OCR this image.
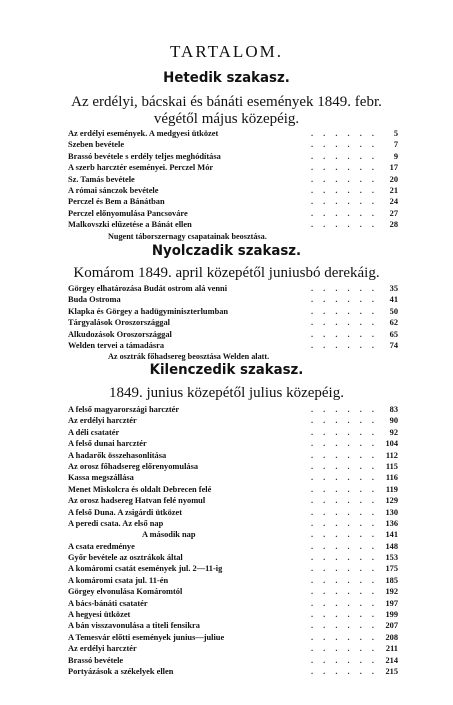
TARTALOM.
Hetedik szakasz.
Az erdélyi, bácskai és bánáti események 1849. febr.
végétől május közepéig.
Az erdélyi események. A medgyesi ütközet	. . . . . .	5
Szeben bevétele	. . . . . .	7
Brassó bevétele s erdély teljes meghódítása	. . . . . .	9
A szerb harcztér eseményei. Perczel Mór	. . . . . .	17
Sz. Tamás bevétele	. . . . . .	20
A római sánczok bevétele	. . . . . .	21
Perczel és Bem a Bánátban	. . . . . .	24
Perczel előnyomulása Pancsováre	. . . . . .	27
Malkovszki elűzetése a Bánát ellen	. . . . . .	28
Nugent táborszernagy csapatainak beosztása.
Nyolczadik szakasz.
Komárom 1849. april közepétől juniusbó derekáig.
Görgey elhatározása Budát ostrom alá venni	. . . . . .	35
Buda Ostroma	. . . . . .	41
Klapka és Görgey a hadügyminiszterlumban	. . . . . .	50
Tárgyalások Oroszországgal	. . . . . .	62
Alkudozások Oroszországgal	. . . . . .	65
Welden tervei a támadásra	. . . . . .	74
Az osztrák főhadsereg beosztása Welden alatt.
Kilenczedik szakasz.
1849. junius közepétől julius közepéig.
A felső magyarországi harcztér	. . . . . .	83
Az erdélyi harcztér	. . . . . .	90
A déli csatatér	. . . . . .	92
A felső dunai harcztér	. . . . . . 104
A hadarők összehasonlítása	. . . . . . 112
Az orosz főhadsereg előrenyomulása	. . . . . . 115
Kassa megszállása	. . . . . . 116
Menet Miskolcra és oldalt Debrecen felé	. . . . . . 119
Az orosz hadsereg Hatvan felé nyomul	. . . . . . 129
A felső Duna. A zsigárdi ütközet	. . . . . . 130
A peredi csata. Az első nap	. . . . . . 136
A második nap	. . . . . . 141
A csata eredménye	. . . . . . 148
Győr bevétele az osztrákok által	. . . . . . 153
A komáromi csatát események jul. 2—11-ig	. . . . . . 175
A komáromi csata jul. 11-én	. . . . . . 185
Görgey elvonulása Komáromtól	. . . . . . 192
A bács-bánáti csatatér	. . . . . . 197
A hegyesi ütközet	. . . . . . 199
A bán visszavonulása a titeli fensikra	. . . . . . 207
A Temesvár előtti események junius—juliue	. . . . . . 208
Az erdélyi harcztér	. . . . . . 211
Brassó bevétele	. . . . . . 214
Portyázások a székelyek ellen	. . . . . . 215
